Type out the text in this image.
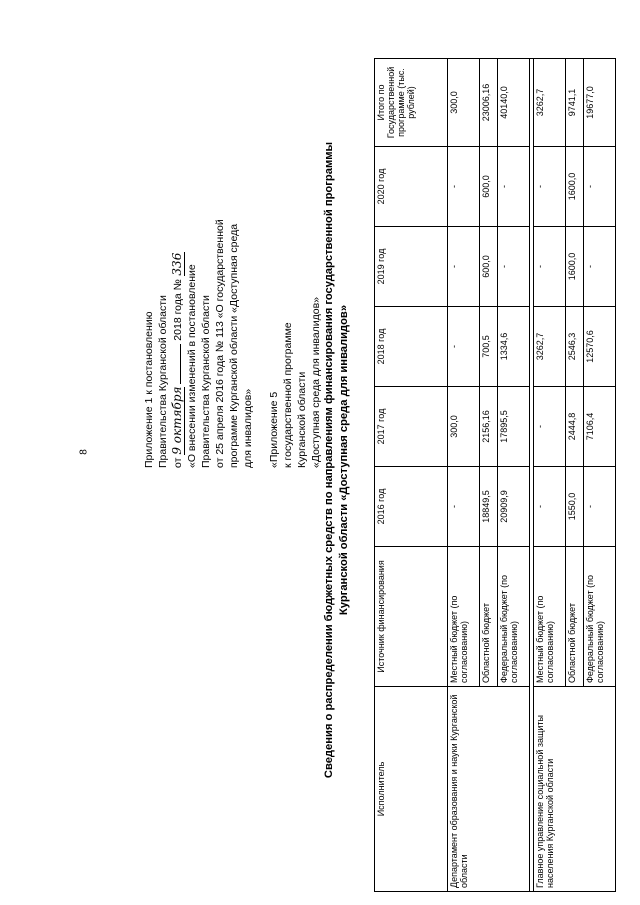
8	Приложение 1 к постановлению Правительства Курганской области от 9 октября  2018 года № 336
«О внесении изменений в постановление Правительства Курганской области от 25 апреля 2016 года № 113 «О государственной программе Курганской области «Доступная среда для инвалидов» «Приложение 5 к государственной программе Курганской области «Доступная среда для инвалидов» Сведения о распределении бюджетных средств по направлениям финансирования государственной программы Курганской области «Доступная среда для инвалидов»
Исполнитель	Источник финансирования	2016 год	2017 год	2018 год	2019 год	2020 год	Итого по Государственной программе (тыс. рублей)
Департамент образования и науки Курганской области	Местный бюджет (по согласованию)	-	300,0	-	-	-	300,0
	Областной бюджет	18849,5	2156,16	700,5	600,0	600,0	23006,16
	Федеральный бюджет (по согласованию)	20909,9	17895,5	1334,6	-	-	40140,0

Главное управление социальной защиты населения Курганской области	Местный бюджет (по согласованию)	-	-	3262,7	-	-	3262,7
	Областной бюджет	1550,0	2444,8	2546,3	1600,0	1600,0	9741,1
	Федеральный бюджет (по согласованию)	-	7106,4	12570,6	-	-	19677,0
